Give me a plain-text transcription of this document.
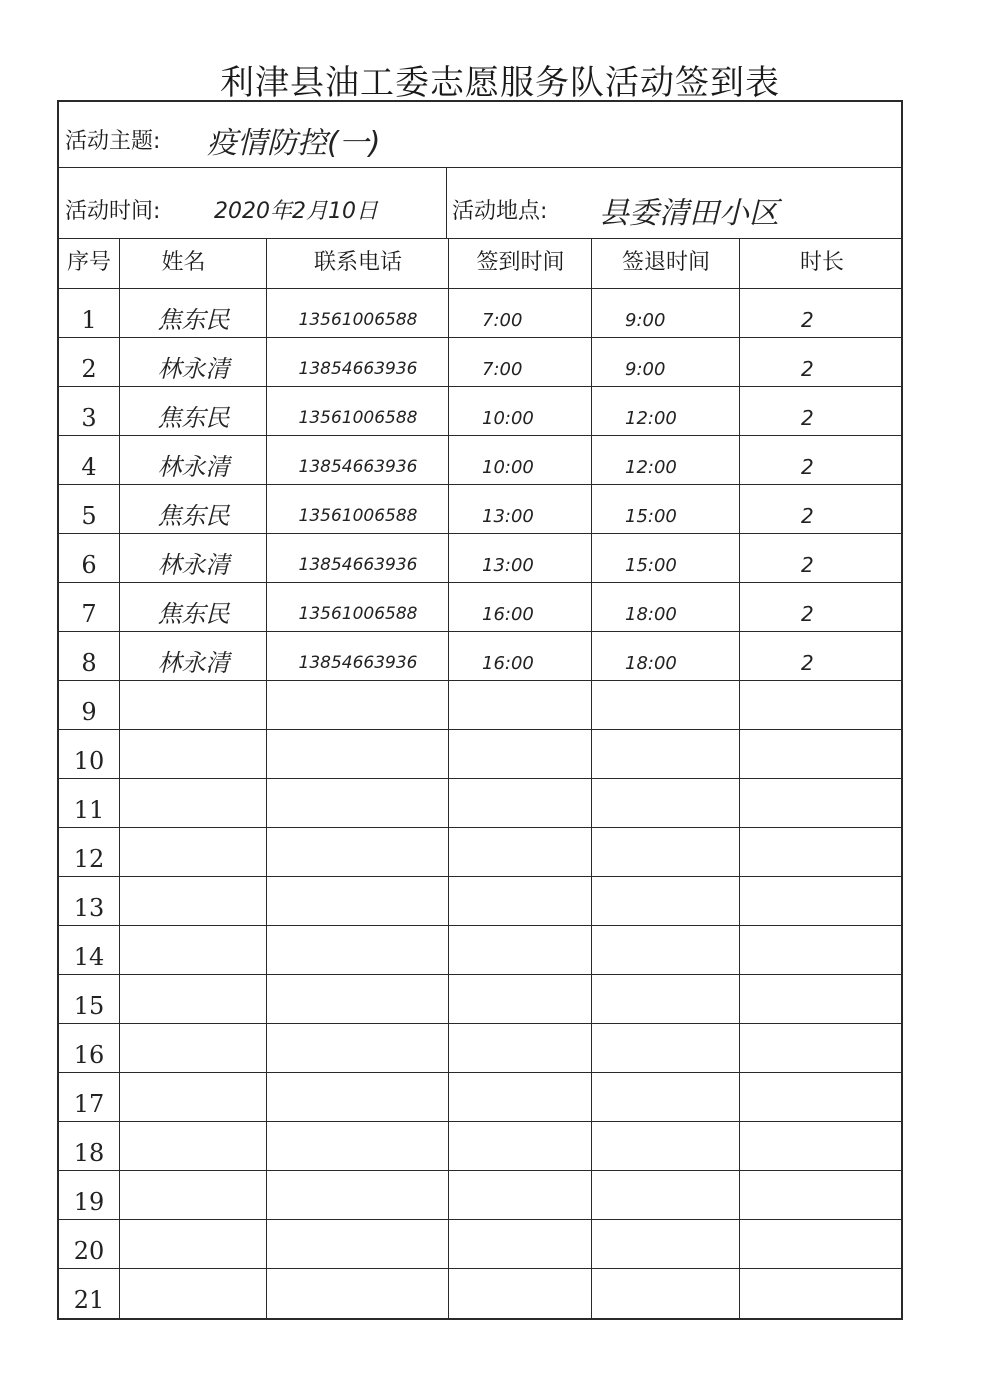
利津县油工委志愿服务队活动签到表
活动主题: 疫情防控(一)
活动时间: 2020年2月10日	活动地点: 县委清田小区
序号	姓名	联系电话	签到时间	签退时间	时长
1	焦东民	13561006588	7:00	9:00	2
2	林永清	13854663936	7:00	9:00	2
3	焦东民	13561006588	10:00	12:00	2
4	林永清	13854663936	10:00	12:00	2
5	焦东民	13561006588	13:00	15:00	2
6	林永清	13854663936	13:00	15:00	2
7	焦东民	13561006588	16:00	18:00	2
8	林永清	13854663936	16:00	18:00	2
9
10
11
12
13
14
15
16
17
18
19
20
21
